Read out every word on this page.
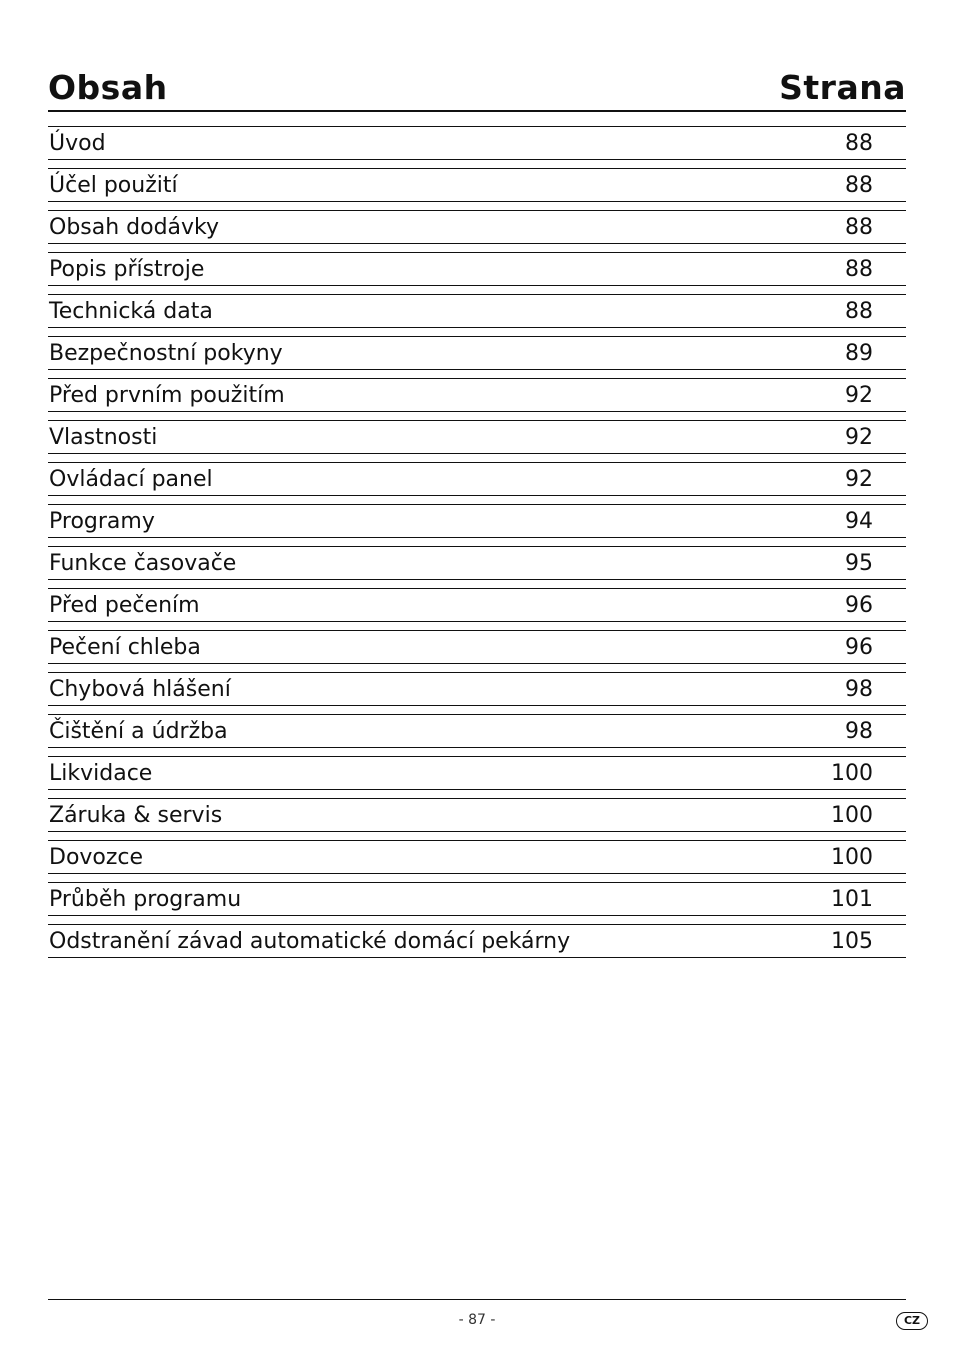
Obsah	Strana
Úvod	88
Účel použití	88
Obsah dodávky	88
Popis přístroje	88
Technická data	88
Bezpečnostní pokyny	89
Před prvním použitím	92
Vlastnosti	92
Ovládací panel	92
Programy	94
Funkce časovače	95
Před pečením	96
Pečení chleba	96
Chybová hlášení	98
Čištění a údržba	98
Likvidace	100
Záruka & servis	100
Dovozce	100
Průběh programu	101
Odstranění závad automatické domácí pekárny	105
- 87 -	CZ
